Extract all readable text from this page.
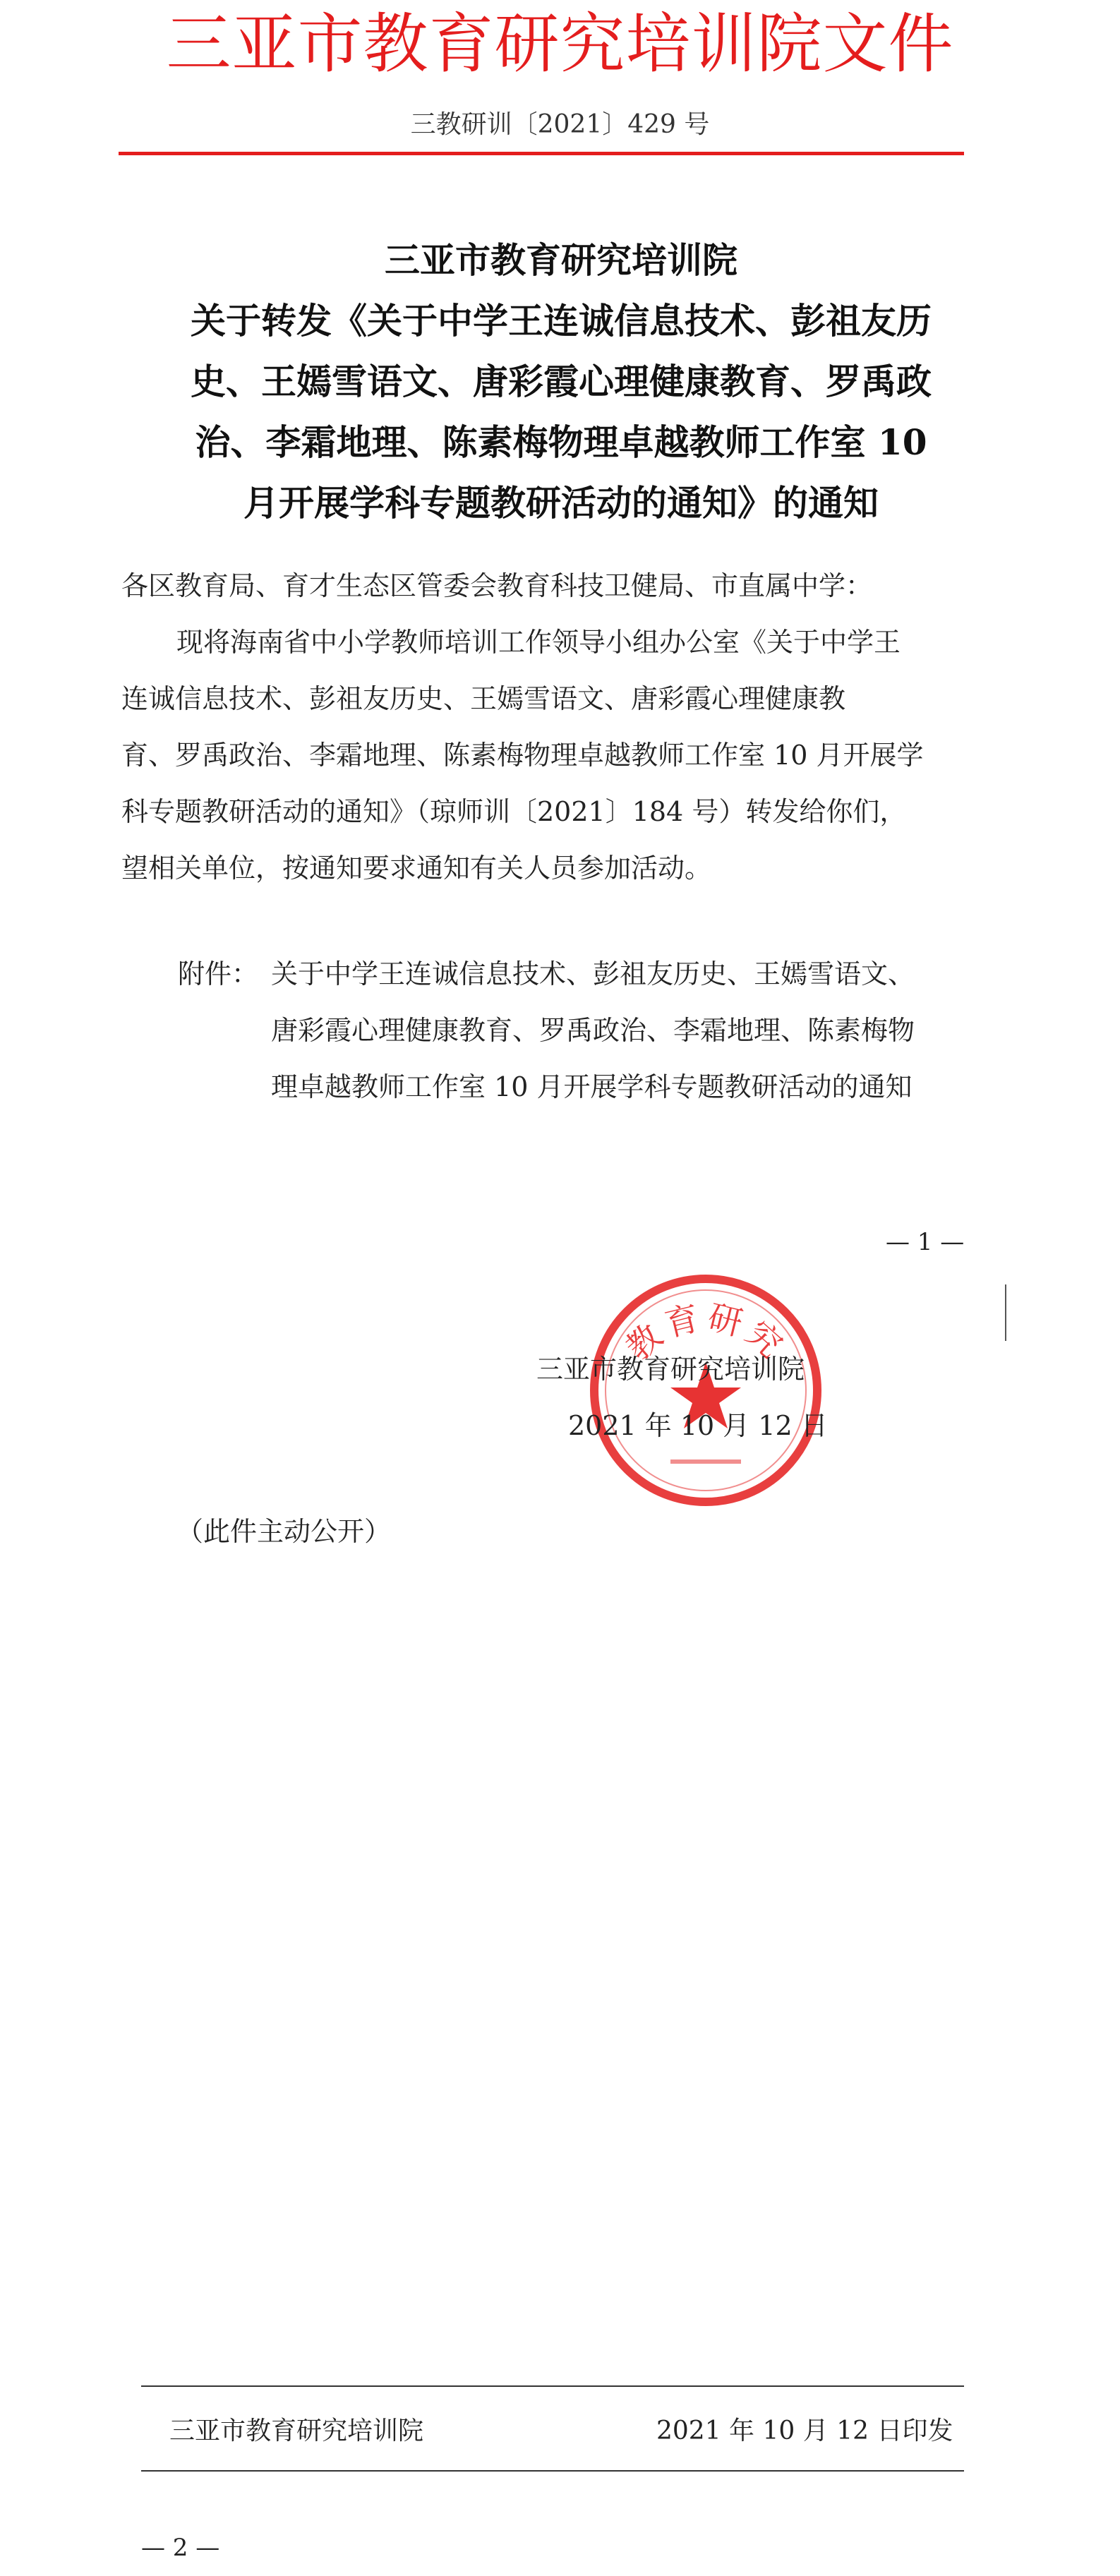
三亚市教育研究培训院文件
三教研训〔2021〕429 号
三亚市教育研究培训院
关于转发《关于中学王连诚信息技术、彭祖友历
史、王嫣雪语文、唐彩霞心理健康教育、罗禹政
治、李霜地理、陈素梅物理卓越教师工作室 10
月开展学科专题教研活动的通知》的通知
各区教育局、育才生态区管委会教育科技卫健局、市直属中学：
现将海南省中小学教师培训工作领导小组办公室《关于中学王
连诚信息技术、彭祖友历史、王嫣雪语文、唐彩霞心理健康教
育、罗禹政治、李霜地理、陈素梅物理卓越教师工作室 10 月开展学
科专题教研活动的通知》（琼师训〔2021〕184 号）转发给你们，
望相关单位，按通知要求通知有关人员参加活动。
附件： 关于中学王连诚信息技术、彭祖友历史、王嫣雪语文、
唐彩霞心理健康教育、罗禹政治、李霜地理、陈素梅物
理卓越教师工作室 10 月开展学科专题教研活动的通知
— 1 —
教育研究
三亚市教育研究培训院
2021 年 10 月 12 日
（此件主动公开）
三亚市教育研究培训院	2021 年 10 月 12 日印发
— 2 —
